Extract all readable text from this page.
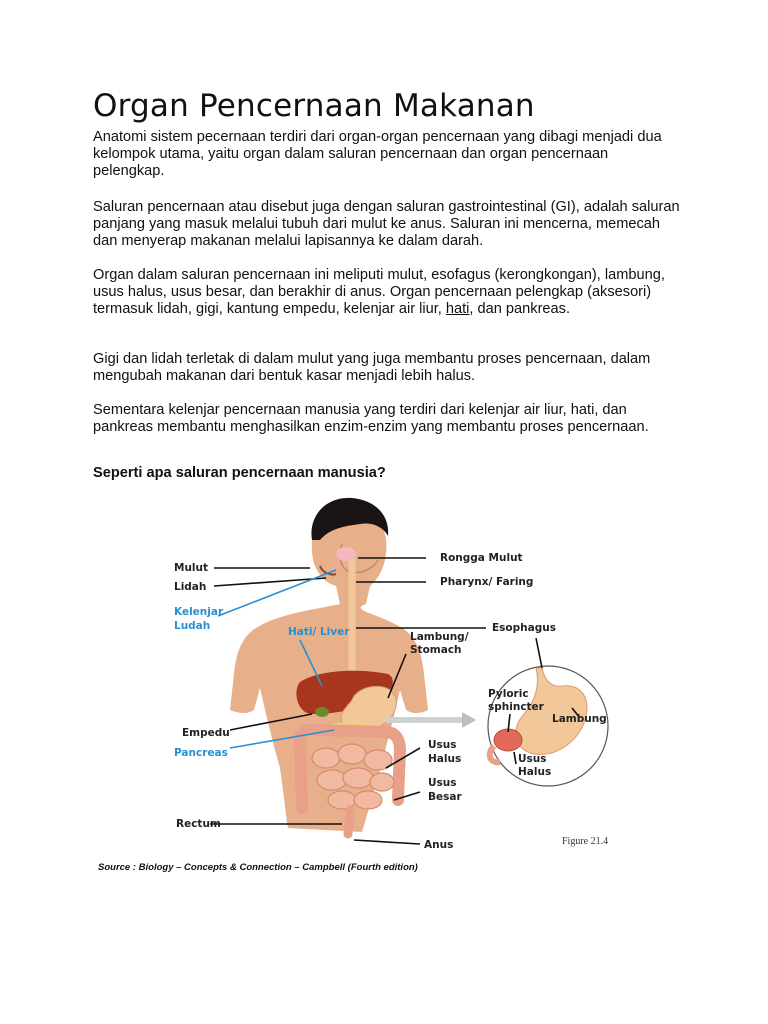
Organ Pencernaan Makanan

Anatomi sistem pecernaan terdiri dari organ-organ pencernaan yang dibagi menjadi dua kelompok utama, yaitu organ dalam saluran pencernaan dan organ pencernaan pelengkap.

Saluran pencernaan atau disebut juga dengan saluran gastrointestinal (GI), adalah saluran panjang yang masuk melalui tubuh dari mulut ke anus. Saluran ini mencerna, memecah dan menyerap makanan melalui lapisannya ke dalam darah.

Organ dalam saluran pencernaan ini meliputi mulut, esofagus (kerongkongan), lambung, usus halus, usus besar, dan berakhir di anus. Organ pencernaan pelengkap (aksesori) termasuk lidah, gigi, kantung empedu, kelenjar air liur, hati, dan pankreas.

Gigi dan lidah terletak di dalam mulut yang juga membantu proses pencernaan, dalam mengubah makanan dari bentuk kasar menjadi lebih halus.

Sementara kelenjar pencernaan manusia yang terdiri dari kelenjar air liur, hati, dan pankreas membantu menghasilkan enzim-enzim yang membantu proses pencernaan.

Seperti apa saluran pencernaan manusia?
Mulut
Lidah
Kelenjar
Ludah	Hati/ Liver
Empedu
Pancreas
Rectum
Rongga Mulut
Pharynx/ Faring
Lambung/
Stomach
Esophagus
Usus
Halus
Usus
Besar
Anus
Pyloric
sphincter
Lambung
Usus
Halus
Figure 21.4
Source : Biology – Concepts & Connection – Campbell (Fourth edition)
